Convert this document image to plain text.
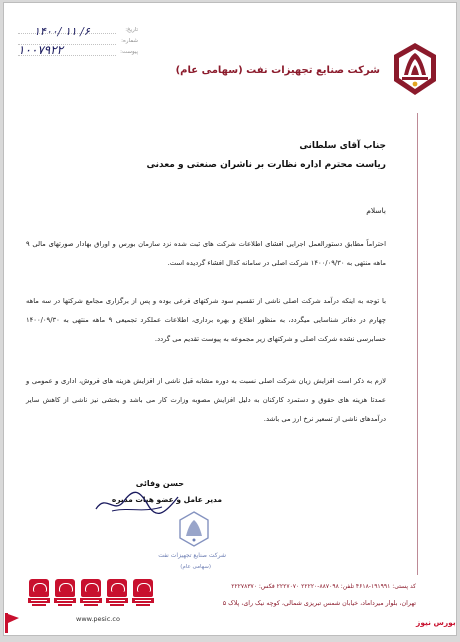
شرکت صنایع تجهیزات نفت (سهامی عام)
تاریخ:
شماره:
پیوست:
۱۴۰۰/ ۱۱ /۶
۱۰۰۷۹۲۲
جناب آقای سلطانی
ریاست محترم اداره نظارت بر ناشران صنعتی و معدنی
باسلام
احتراماً مطابق دستورالعمل اجرایی افشای اطلاعات شرکت های ثبت شده نزد سازمان بورس و اوراق بهادار صورتهای مالی ۹ ماهه منتهی به ۱۴۰۰/۰۹/۳۰ شرکت اصلی در سامانه کدال افشاء گردیده است.
با توجه به اینکه درآمد شرکت اصلی ناشی از تقسیم سود شرکتهای فرعی بوده و پس از برگزاری مجامع شرکتها در سه ماهه چهارم در دفاتر شناسایی میگردد، به منظور اطلاع و بهره برداری، اطلاعات عملکرد تجمیعی ۹ ماهه منتهی به ۱۴۰۰/۰۹/۳۰ حسابرسی نشده شرکت اصلی و شرکتهای زیر مجموعه به پیوست تقدیم می گردد.
لازم به ذکر است افزایش زیان شرکت اصلی نسبت به دوره مشابه قبل ناشی از افزایش هزینه های فروش، اداری و عمومی و عمدتا هزینه های حقوق و دستمزد کارکنان به دلیل افزایش مصوبه وزارت کار می باشد و بخشی نیز ناشی از کاهش سایر درآمدهای ناشی از تسعیر نرخ ارز می باشد.
حسن وفائی
مدیر عامل و عضو هیات مدیره
شرکت صنایع تجهیزات نفت
(سهامی عام)
کد پستی: ۱۹۱۹۹۱-۴۶۱۸ تلفن: ۸۸۷۰۹۸-۲۲۲۲۰ ۲۲۲۷۰۷۰ فکس: ۲۲۲۷۸۳۷۰
تهران، بلوار میرداماد، خیابان شمس تبریزی شمالی، کوچه نیک رای، پلاک ۵
www.pesic.co	بورس نیوز
